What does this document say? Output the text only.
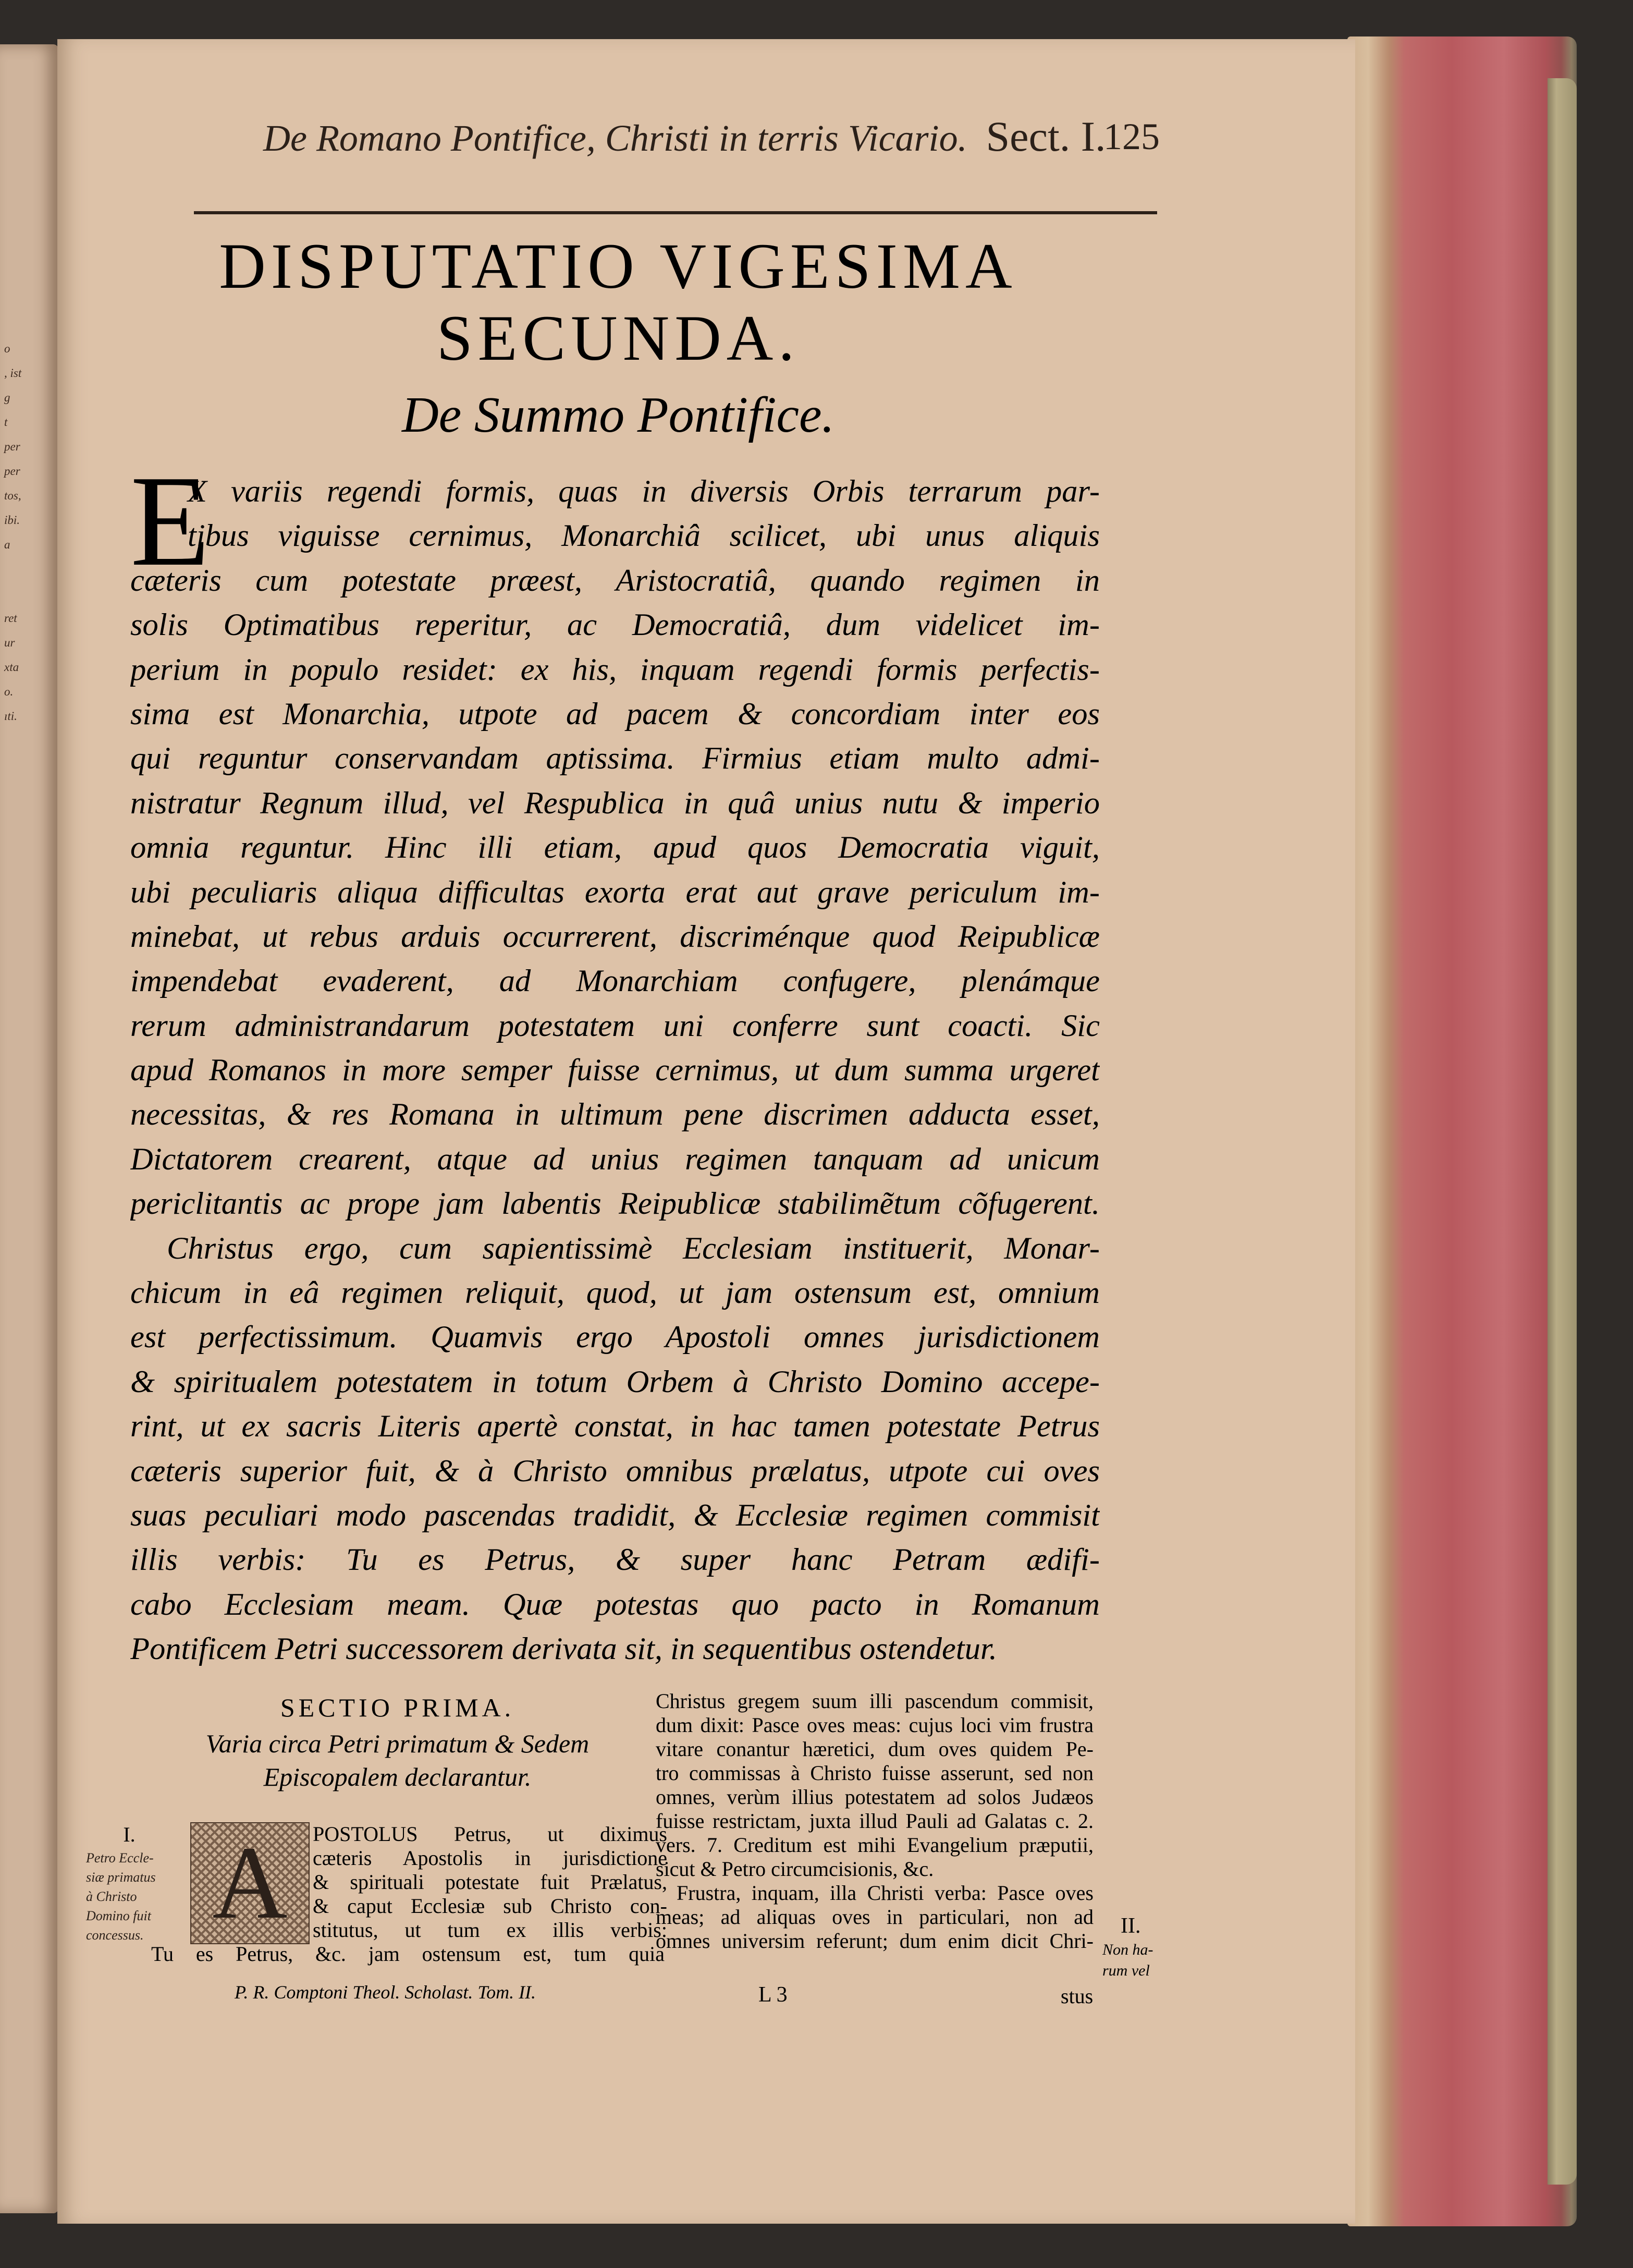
o
, ist
g
t
per
per
tos,
ibi.
a
ret
ur
xta
o.
ıti.
De Romano Pontifice, Christi in terris Vicario. Sect. I.
125
DISPUTATIO VIGESIMA
SECUNDA.
De Summo Pontifice.
E
X variis regendi formis, quas in diversis Orbis terrarum par-
tibus viguisse cernimus, Monarchiâ scilicet, ubi unus aliquis
cæteris cum potestate præest, Aristocratiâ, quando regimen in
solis Optimatibus reperitur, ac Democratiâ, dum videlicet im-
perium in populo residet: ex his, inquam regendi formis perfectis-
sima est Monarchia, utpote ad pacem & concordiam inter eos
qui reguntur conservandam aptissima. Firmius etiam multo admi-
nistratur Regnum illud, vel Respublica in quâ unius nutu & imperio
omnia reguntur. Hinc illi etiam, apud quos Democratia viguit,
ubi peculiaris aliqua difficultas exorta erat aut grave periculum im-
minebat, ut rebus arduis occurrerent, discriménque quod Reipublicæ
impendebat evaderent, ad Monarchiam confugere, plenámque
rerum administrandarum potestatem uni conferre sunt coacti. Sic
apud Romanos in more semper fuisse cernimus, ut dum summa urgeret
necessitas, & res Romana in ultimum pene discrimen adducta esset,
Dictatorem crearent, atque ad unius regimen tanquam ad unicum
periclitantis ac prope jam labentis Reipublicæ stabilimẽtum cõfugerent.
Christus ergo, cum sapientissimè Ecclesiam instituerit, Monar-
chicum in eâ regimen reliquit, quod, ut jam ostensum est, omnium
est perfectissimum. Quamvis ergo Apostoli omnes jurisdictionem
& spiritualem potestatem in totum Orbem à Christo Domino accepe-
rint, ut ex sacris Literis apertè constat, in hac tamen potestate Petrus
cæteris superior fuit, & à Christo omnibus prælatus, utpote cui oves
suas peculiari modo pascendas tradidit, & Ecclesiæ regimen commisit
illis verbis: Tu es Petrus, & super hanc Petram ædifi-
cabo Ecclesiam meam. Quæ potestas quo pacto in Romanum
Pontificem Petri successorem derivata sit, in sequentibus ostendetur.

SECTIO PRIMA.

Varia circa Petri primatum & Sedem

Episcopalem declarantur.

I.
Petro Eccle-
siæ primatus
à Christo
Domino fuit
concessus. A	POSTOLUS Petrus, ut diximus
cæteris Apostolis in jurisdictione
& spirituali potestate fuit Prælatus,
& caput Ecclesiæ sub Christo con-
stitutus, ut tum ex illis verbis:
Tu es Petrus, &c. jam ostensum est, tum quia
P. R. Comptoni Theol. Scholast. Tom. II.
Christus gregem suum illi pascendum commisit,
dum dixit: Pasce oves meas: cujus loci vim frustra
vitare conantur hæretici, dum oves quidem Pe-
tro commissas à Christo fuisse asserunt, sed non
omnes, verùm illius potestatem ad solos Judæos
fuisse restrictam, juxta illud Pauli ad Galatas c. 2.
vers. 7. Creditum est mihi Evangelium præputii,
sicut & Petro circumcisionis, &c.
Frustra, inquam, illa Christi verba: Pasce oves
meas; ad aliquas oves in particulari, non ad
omnes universim referunt; dum enim dicit Chri-
II.
Non ha-
rum vel
L 3	stus
